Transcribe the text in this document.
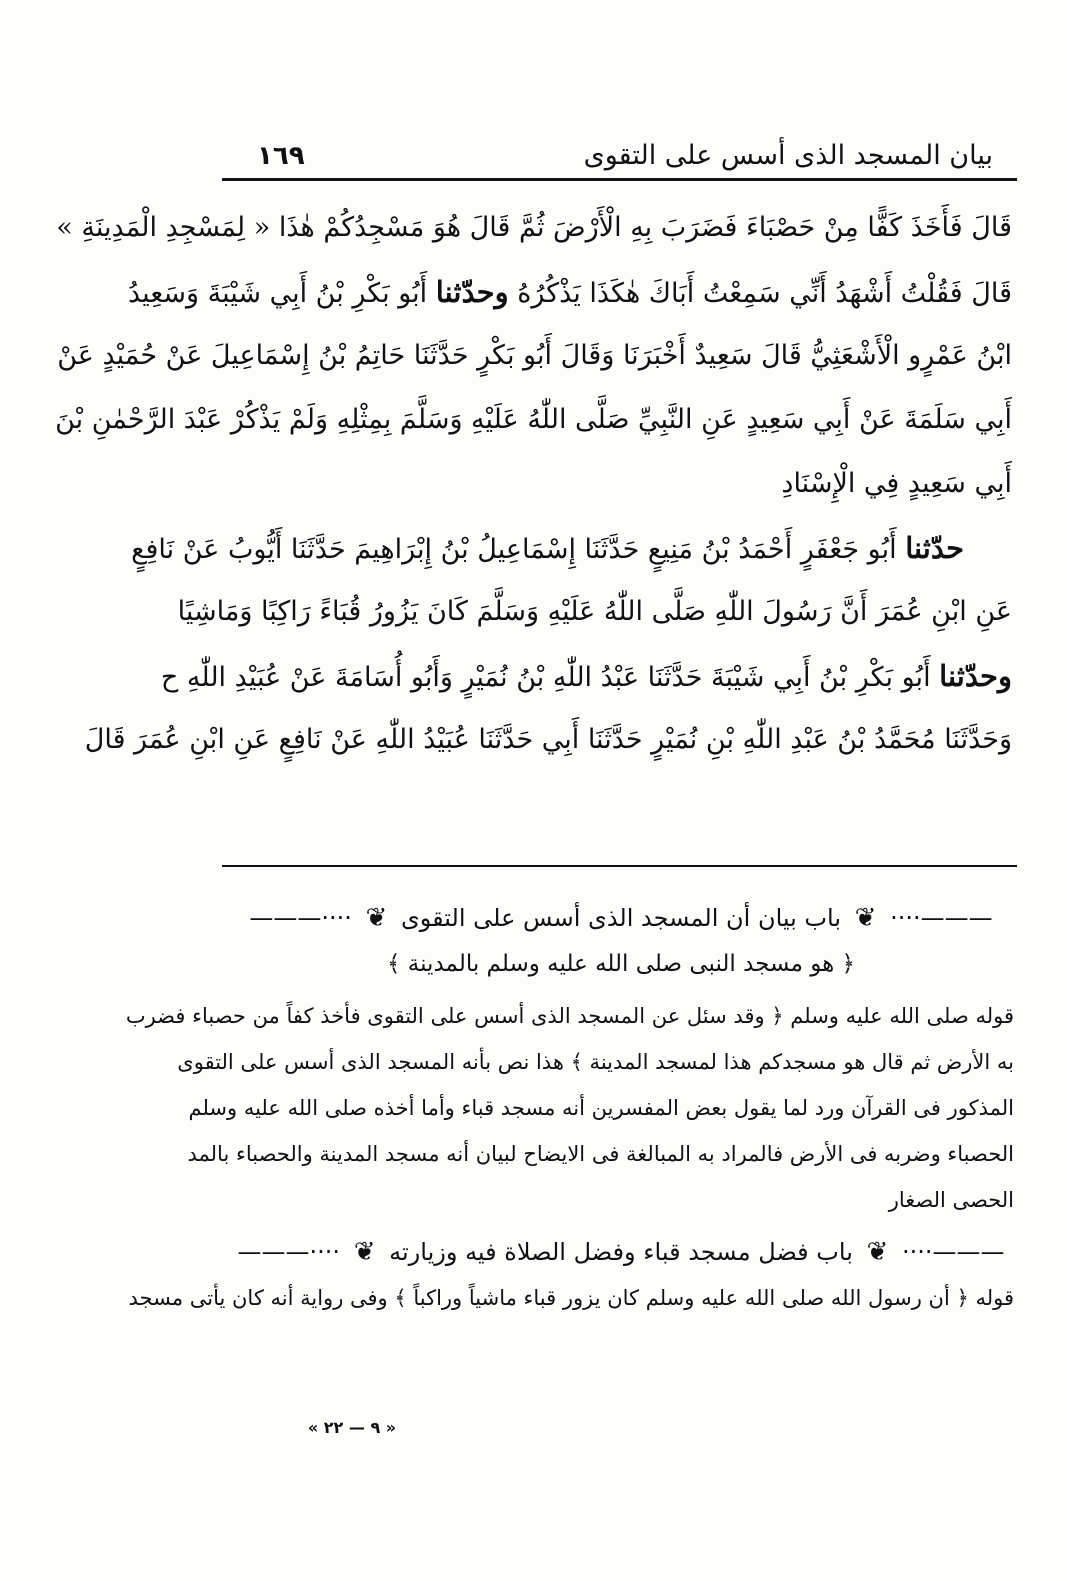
بيان المسجد الذى أسس على التقوى
١٦٩
قَالَ فَأَخَذَ كَفًّا مِنْ حَصْبَاءَ فَضَرَبَ بِهِ الْأَرْضَ ثُمَّ قَالَ هُوَ مَسْجِدُكُمْ هٰذَا « لِمَسْجِدِ الْمَدِينَةِ »
قَالَ فَقُلْتُ أَشْهَدُ أَنِّي سَمِعْتُ أَبَاكَ هٰكَذَا يَذْكُرُهُ وحدّثنا أَبُو بَكْرِ بْنُ أَبِي شَيْبَةَ وَسَعِيدُ
ابْنُ عَمْرٍو الْأَشْعَثِيُّ قَالَ سَعِيدٌ أَخْبَرَنَا وَقَالَ أَبُو بَكْرٍ حَدَّثَنَا حَاتِمُ بْنُ إِسْمَاعِيلَ عَنْ حُمَيْدٍ عَنْ
أَبِي سَلَمَةَ عَنْ أَبِي سَعِيدٍ عَنِ النَّبِيِّ صَلَّى اللّٰهُ عَلَيْهِ وَسَلَّمَ بِمِثْلِهِ وَلَمْ يَذْكُرْ عَبْدَ الرَّحْمٰنِ بْنَ
أَبِي سَعِيدٍ فِي الْإِسْنَادِ
حدّثنا أَبُو جَعْفَرٍ أَحْمَدُ بْنُ مَنِيعٍ حَدَّثَنَا إِسْمَاعِيلُ بْنُ إِبْرَاهِيمَ حَدَّثَنَا أَيُّوبُ عَنْ نَافِعٍ
عَنِ ابْنِ عُمَرَ أَنَّ رَسُولَ اللّٰهِ صَلَّى اللّٰهُ عَلَيْهِ وَسَلَّمَ كَانَ يَزُورُ قُبَاءً رَاكِبًا وَمَاشِيًا
وحدّثنا أَبُو بَكْرِ بْنُ أَبِي شَيْبَةَ حَدَّثَنَا عَبْدُ اللّٰهِ بْنُ نُمَيْرٍ وَأَبُو أُسَامَةَ عَنْ عُبَيْدِ اللّٰهِ ح
وَحَدَّثَنَا مُحَمَّدُ بْنُ عَبْدِ اللّٰهِ بْنِ نُمَيْرٍ حَدَّثَنَا أَبِي حَدَّثَنَا عُبَيْدُ اللّٰهِ عَنْ نَافِعٍ عَنِ ابْنِ عُمَرَ قَالَ
———···· ❦ باب بيان أن المسجد الذى أسس على التقوى ❦ ····———
﴿ هو مسجد النبى صلى الله عليه وسلم بالمدينة ﴾
قوله صلى الله عليه وسلم ﴿ وقد سئل عن المسجد الذى أسس على التقوى فأخذ كفاً من حصباء فضرب
به الأرض ثم قال هو مسجدكم هذا لمسجد المدينة ﴾ هذا نص بأنه المسجد الذى أسس على التقوى
المذكور فى القرآن ورد لما يقول بعض المفسرين أنه مسجد قباء وأما أخذه صلى الله عليه وسلم
الحصباء وضربه فى الأرض فالمراد به المبالغة فى الايضاح لبيان أنه مسجد المدينة والحصباء بالمد
الحصى الصغار
———···· ❦ باب فضل مسجد قباء وفضل الصلاة فيه وزيارته ❦ ····———
قوله ﴿ أن رسول الله صلى الله عليه وسلم كان يزور قباء ماشياً وراكباً ﴾ وفى رواية أنه كان يأتى مسجد
« ٩ — ٢٢ »
